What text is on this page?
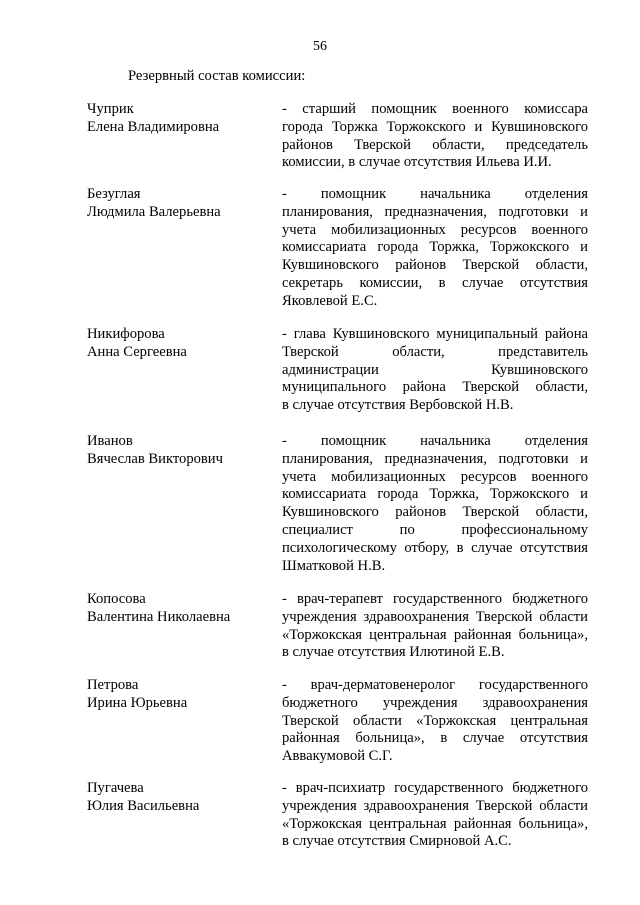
56
Резервный состав комиссии:
Чуприк
Елена Владимировна
- старший помощник военного комиссара
города Торжка Торжокского и Кувшиновского
районов Тверской области, председатель
комиссии, в случае отсутствия Ильева И.И.
Безуглая
Людмила Валерьевна
- помощник начальника отделения
планирования, предназначения, подготовки и
учета мобилизационных ресурсов военного
комиссариата города Торжка, Торжокского и
Кувшиновского районов Тверской области,
секретарь комиссии, в случае отсутствия
Яковлевой Е.С.
Никифорова
Анна Сергеевна
- глава Кувшиновского муниципальный района
Тверской области, представитель
администрации Кувшиновского
муниципального района Тверской области,
в случае отсутствия Вербовской Н.В.
Иванов
Вячеслав Викторович
- помощник начальника отделения
планирования, предназначения, подготовки и
учета мобилизационных ресурсов военного
комиссариата города Торжка, Торжокского и
Кувшиновского районов Тверской области,
специалист по профессиональному
психологическому отбору, в случае отсутствия
Шматковой Н.В.
Копосова
Валентина Николаевна
- врач-терапевт государственного бюджетного
учреждения здравоохранения Тверской области
«Торжокская центральная районная больница»,
в случае отсутствия Илютиной Е.В.
Петрова
Ирина Юрьевна
- врач-дерматовенеролог государственного
бюджетного учреждения здравоохранения
Тверской области «Торжокская центральная
районная больница», в случае отсутствия
Аввакумовой С.Г.
Пугачева
Юлия Васильевна
- врач-психиатр государственного бюджетного
учреждения здравоохранения Тверской области
«Торжокская центральная районная больница»,
в случае отсутствия Смирновой А.С.
